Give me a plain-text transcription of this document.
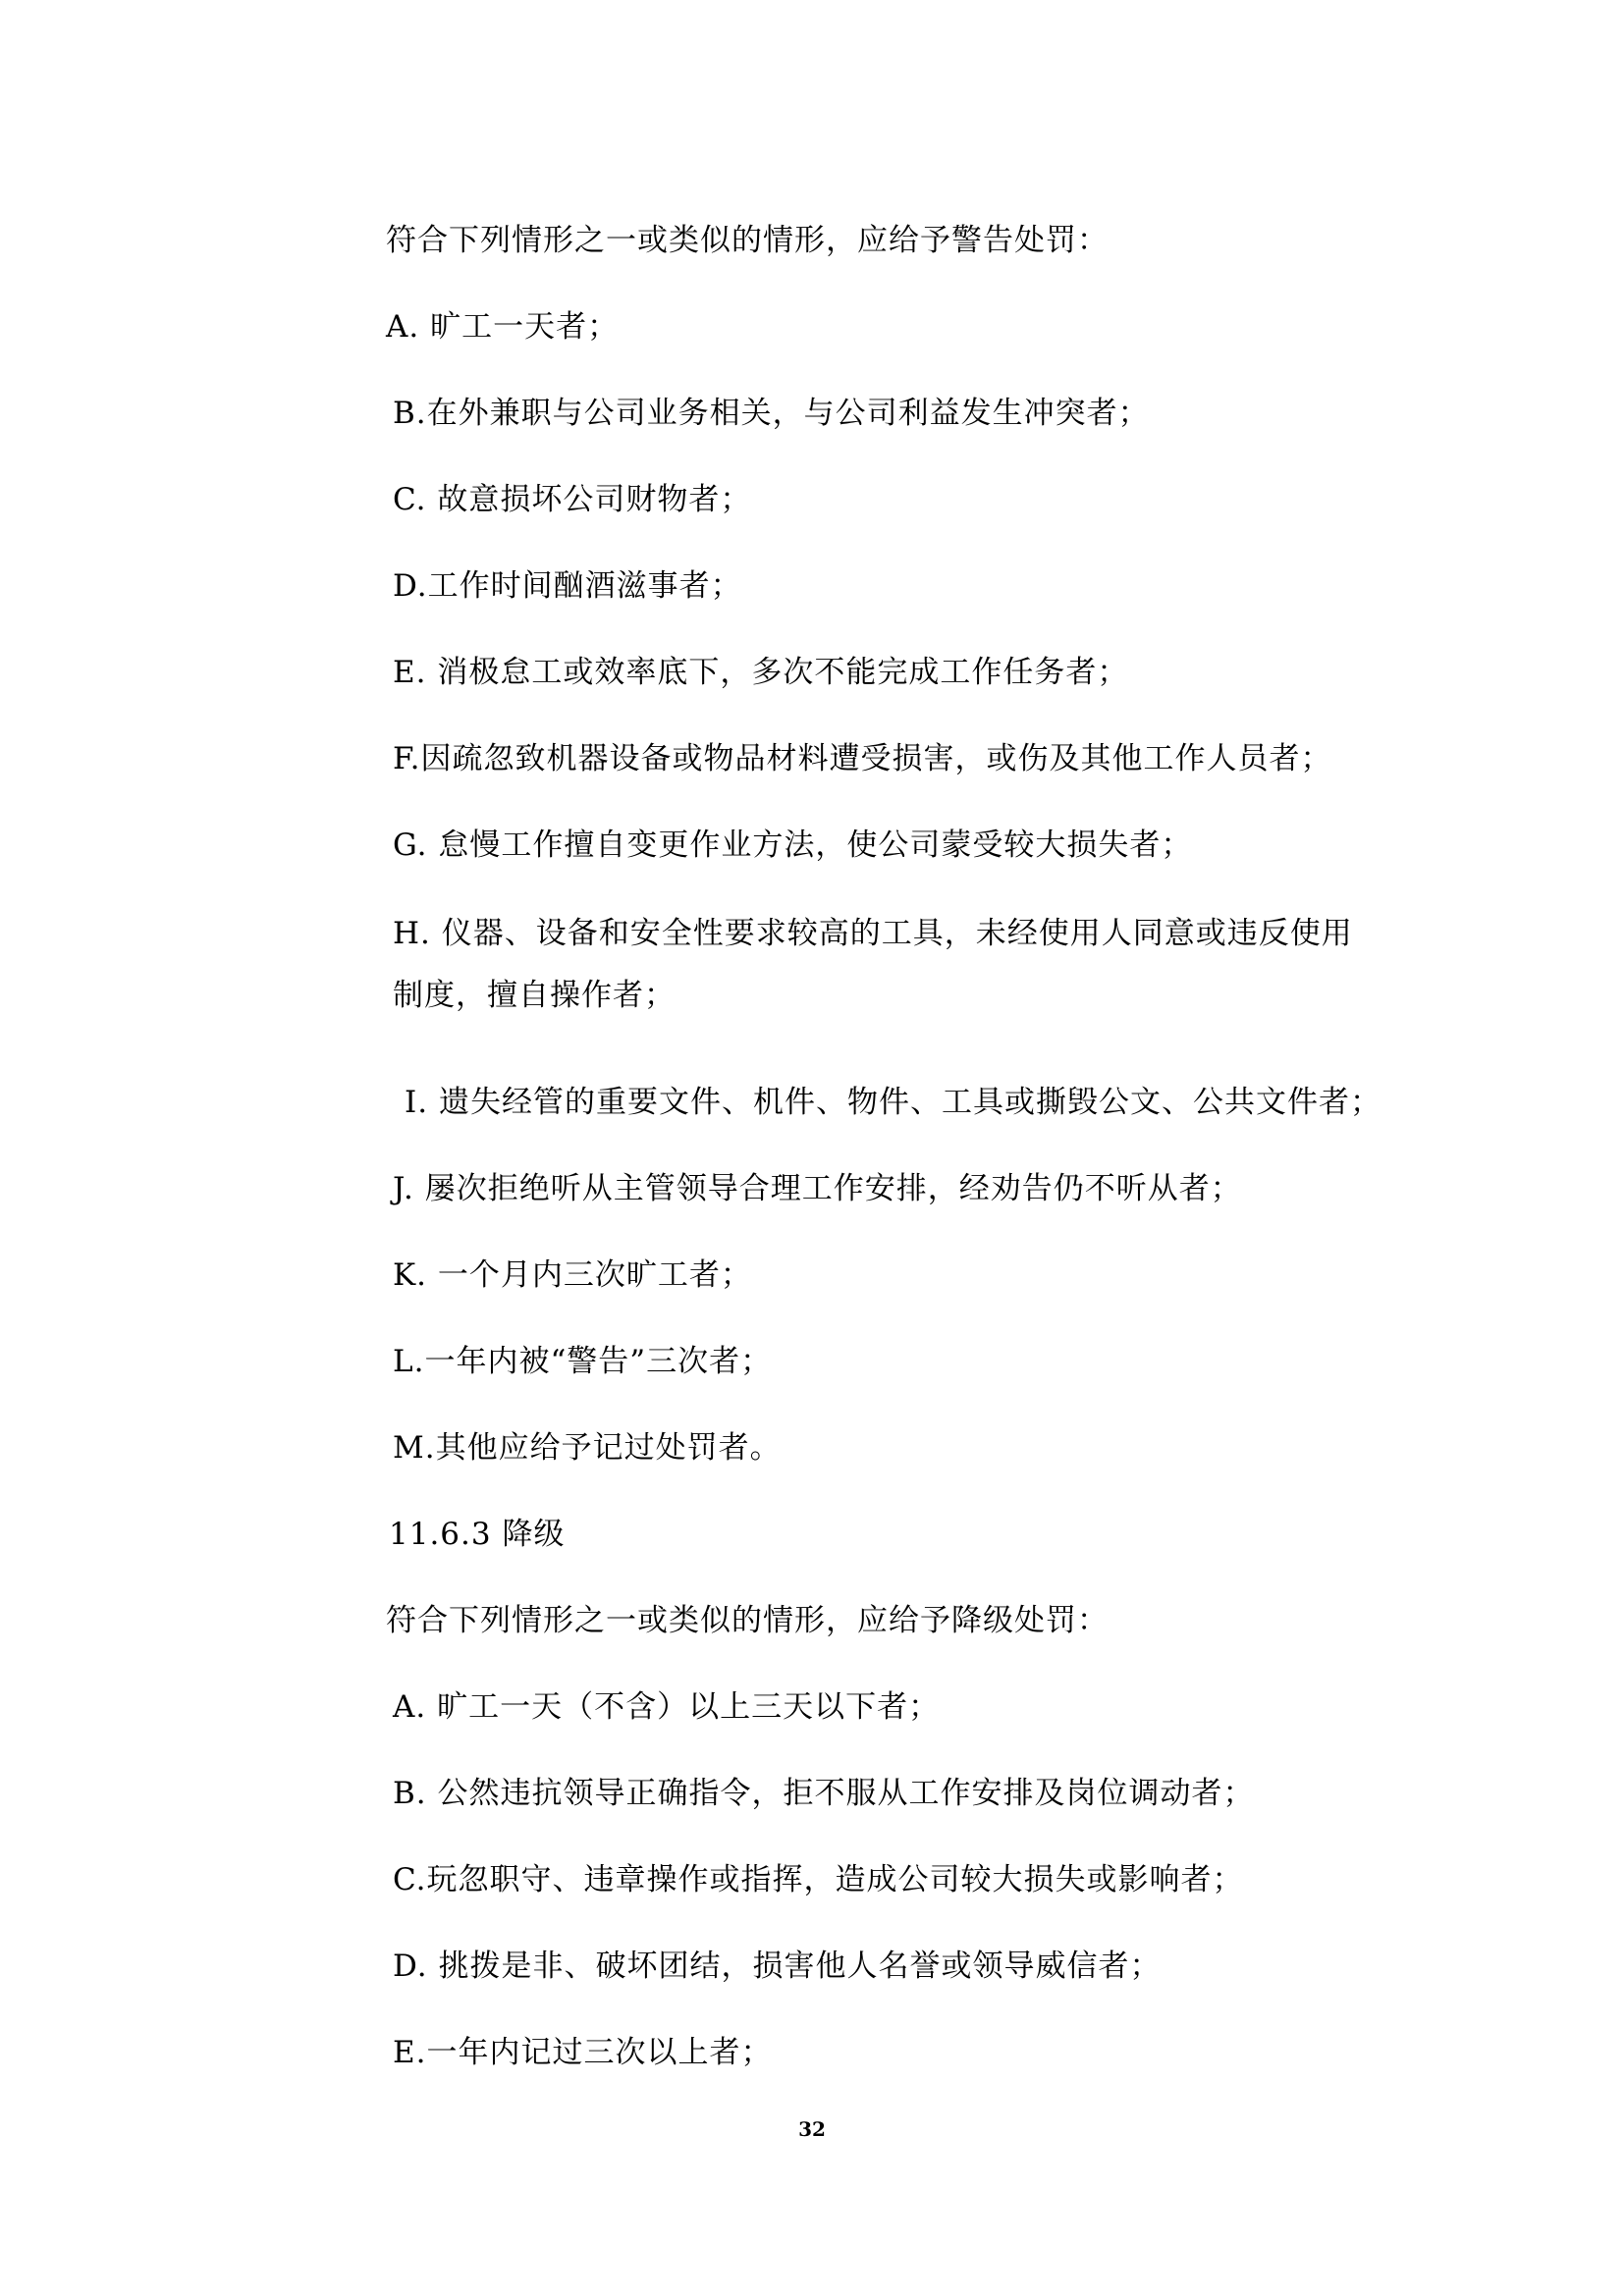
符合下列情形之一或类似的情形，应给予警告处罚：
A. 旷工一天者；
B.在外兼职与公司业务相关，与公司利益发生冲突者；
C. 故意损坏公司财物者；
D.工作时间酗酒滋事者；
E. 消极怠工或效率底下，多次不能完成工作任务者；
F.因疏忽致机器设备或物品材料遭受损害，或伤及其他工作人员者；
G. 怠慢工作擅自变更作业方法，使公司蒙受较大损失者；
H. 仪器、设备和安全性要求较高的工具，未经使用人同意或违反使用
制度，擅自操作者；
I. 遗失经管的重要文件、机件、物件、工具或撕毁公文、公共文件者；
J. 屡次拒绝听从主管领导合理工作安排，经劝告仍不听从者；
K. 一个月内三次旷工者；
L.一年内被“警告”三次者；
M.其他应给予记过处罚者。
11.6.3 降级
符合下列情形之一或类似的情形，应给予降级处罚：
A. 旷工一天（不含）以上三天以下者；
B. 公然违抗领导正确指令，拒不服从工作安排及岗位调动者；
C.玩忽职守、违章操作或指挥，造成公司较大损失或影响者；
D. 挑拨是非、破坏团结，损害他人名誉或领导威信者；
E.一年内记过三次以上者；
32
